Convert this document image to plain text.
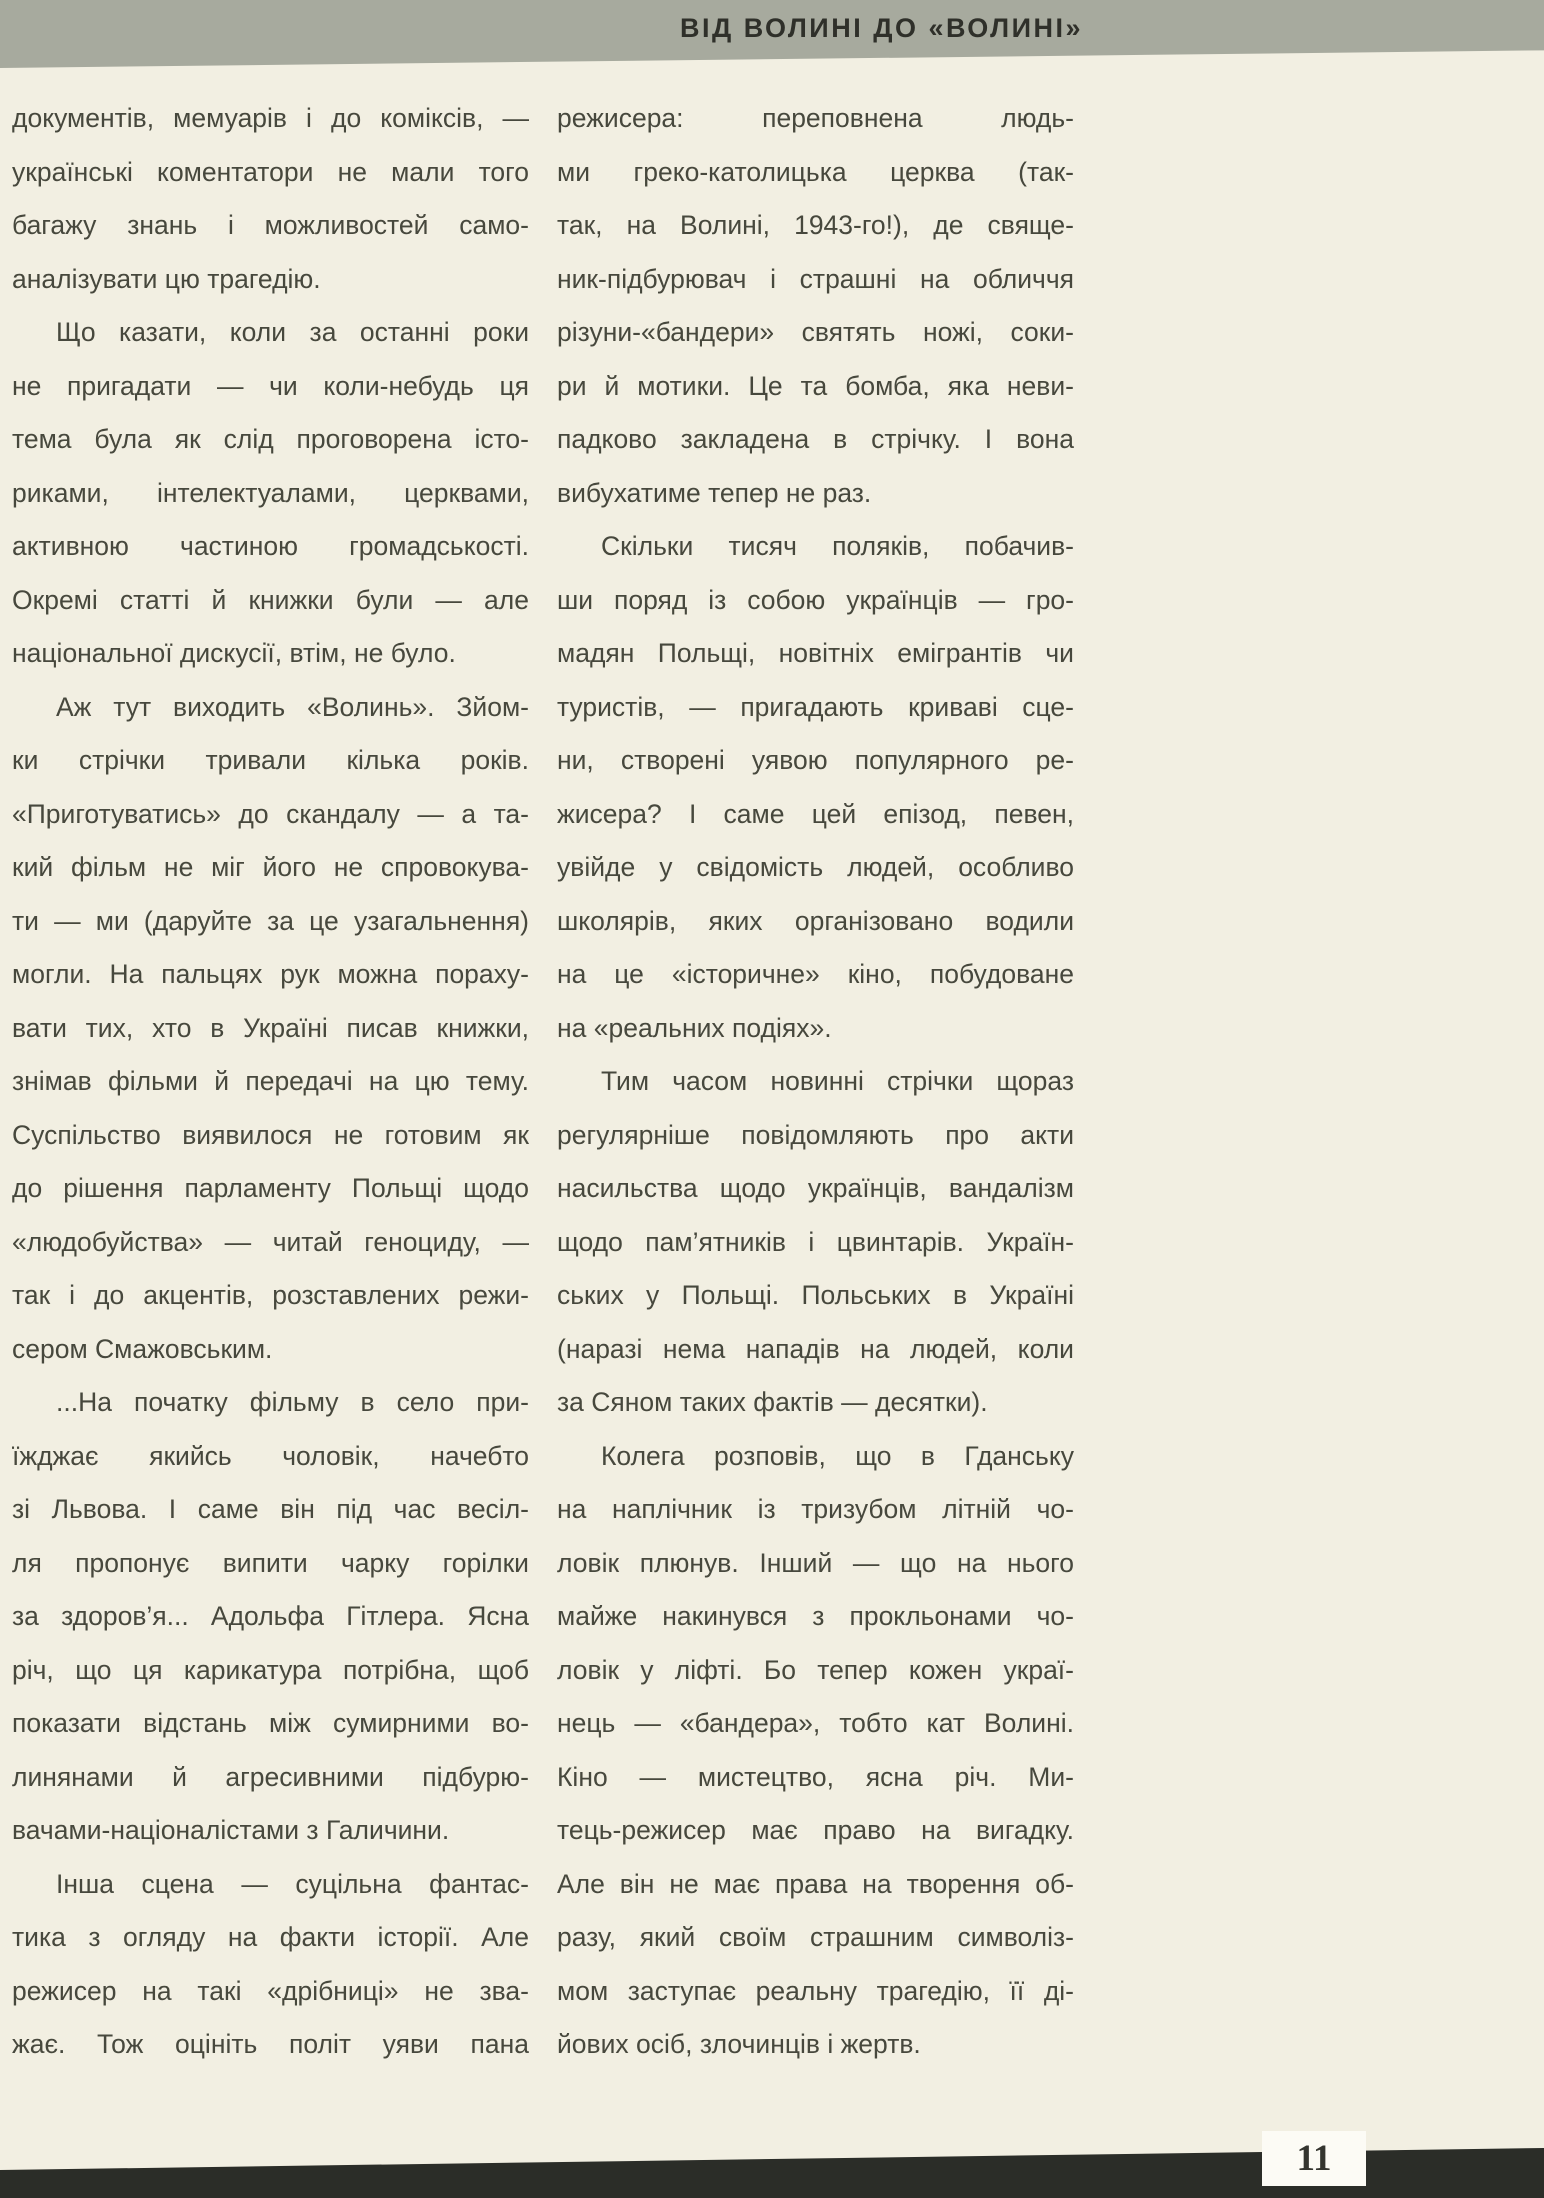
ВІД ВОЛИНІ ДО «ВОЛИНІ»
документів, мемуарів і до коміксів, —
українські коментатори не мали того
багажу знань і можливостей само-
аналізувати цю трагедію.
Що казати, коли за останні роки
не пригадати — чи коли-небудь ця
тема була як слід проговорена істо-
риками, інтелектуалами, церквами,
активною частиною громадськості.
Окремі статті й книжки були — але
національної дискусії, втім, не було.
Аж тут виходить «Волинь». Зйом-
ки стрічки тривали кілька років.
«Приготуватись» до скандалу — а та-
кий фільм не міг його не спровокува-
ти — ми (даруйте за це узагальнення)
могли. На пальцях рук можна пораху-
вати тих, хто в Україні писав книжки,
знімав фільми й передачі на цю тему.
Суспільство виявилося не готовим як
до рішення парламенту Польщі щодо
«людобуйства» — читай геноциду, —
так і до акцентів, розставлених режи-
сером Смажовським.
...На початку фільму в село при-
їжджає якийсь чоловік, начебто
зі Львова. І саме він під час весіл-
ля пропонує випити чарку горілки
за здоров’я... Адольфа Гітлера. Ясна
річ, що ця карикатура потрібна, щоб
показати відстань між сумирними во-
линянами й агресивними підбурю-
вачами-націоналістами з Галичини.
Інша сцена — суцільна фантас-
тика з огляду на факти історії. Але
режисер на такі «дрібниці» не зва-
жає. Тож оцініть політ уяви пана
режисера: переповнена людь-
ми греко-католицька церква (так-
так, на Волині, 1943-го!), де свяще-
ник-підбурювач і страшні на обличчя
різуни-«бандери» святять ножі, соки-
ри й мотики. Це та бомба, яка неви-
падково закладена в стрічку. І вона
вибухатиме тепер не раз.
Скільки тисяч поляків, побачив-
ши поряд із собою українців — гро-
мадян Польщі, новітніх емігрантів чи
туристів, — пригадають криваві сце-
ни, створені уявою популярного ре-
жисера? І саме цей епізод, певен,
увійде у свідомість людей, особливо
школярів, яких організовано водили
на це «історичне» кіно, побудоване
на «реальних подіях».
Тим часом новинні стрічки щораз
регулярніше повідомляють про акти
насильства щодо українців, вандалізм
щодо пам’ятників і цвинтарів. Україн-
ських у Польщі. Польських в Україні
(наразі нема нападів на людей, коли
за Сяном таких фактів — десятки).
Колега розповів, що в Гданську
на наплічник із тризубом літній чо-
ловік плюнув. Інший — що на нього
майже накинувся з прокльонами чо-
ловік у ліфті. Бо тепер кожен украї-
нець — «бандера», тобто кат Волині.
Кіно — мистецтво, ясна річ. Ми-
тець-режисер має право на вигадку.
Але він не має права на творення об-
разу, який своїм страшним символіз-
мом заступає реальну трагедію, її ді-
йових осіб, злочинців і жертв.
11
